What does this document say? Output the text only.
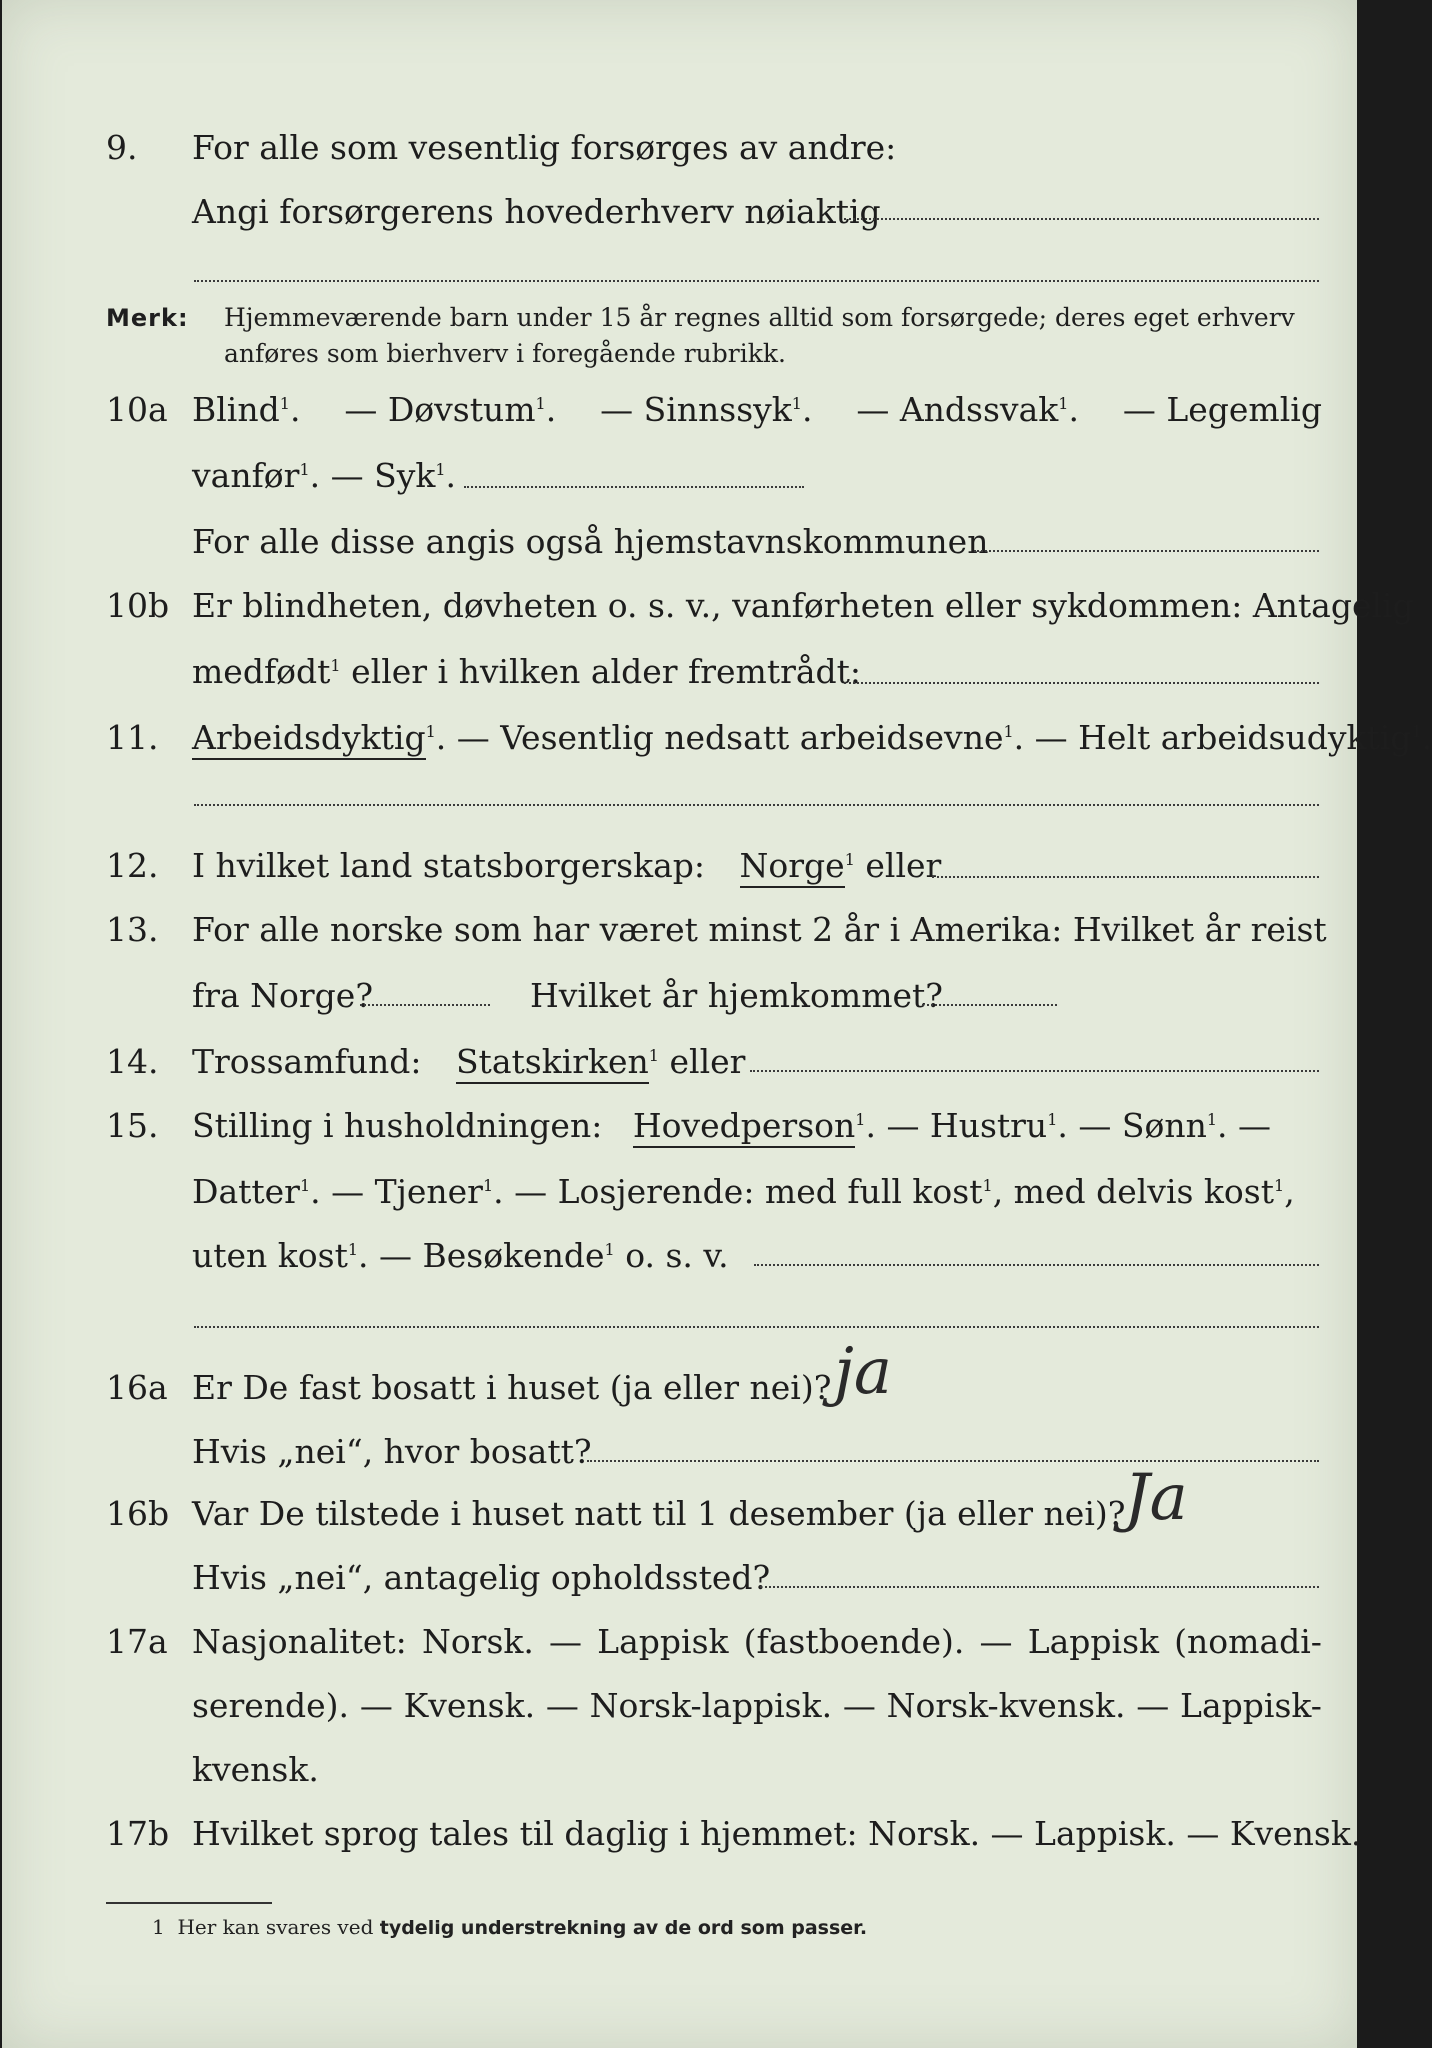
9. For alle som vesentlig forsørges av andre:
Angi forsørgerens hovederhverv nøiaktig
Merk: Hjemmeværende barn under 15 år regnes alltid som forsørgede; deres eget erhverv
anføres som bierhverv i foregående rubrikk.
10a Blind$^1$. — Døvstum$^1$. — Sinnssyk$^1$. — Andssvak$^1$. — Legemlig
vanfør$^1$. — Syk$^1$.
For alle disse angis også hjemstavnskommunen
10b Er blindheten, døvheten o. s. v., vanførheten eller sykdommen: Antagelig
medfødt$^1$ eller i hvilken alder fremtrådt:
11. Arbeidsdyktig$^1$. — Vesentlig nedsatt arbeidsevne$^1$. — Helt arbeidsudyktig$^1$.
12. I hvilket land statsborgerskap: Norge$^1$ eller
13. For alle norske som har været minst 2 år i Amerika: Hvilket år reist
fra Norge?	Hvilket år hjemkommet?
14. Trossamfund: Statskirken$^1$ eller
15. Stilling i husholdningen: Hovedperson$^1$. — Hustru$^1$. — Sønn$^1$. —
Datter$^1$. — Tjener$^1$. — Losjerende: med full kost$^1$, med delvis kost$^1$,
uten kost$^1$. — Besøkende$^1$ o. s. v.
16a Er De fast bosatt i huset (ja eller nei)? ja
Hvis „nei“, hvor bosatt?
16b Var De tilstede i huset natt til 1 desember (ja eller nei)?
Ja
Hvis „nei“, antagelig opholdssted?
17a Nasjonalitet: Norsk. — Lappisk (fastboende). — Lappisk (nomadi-
serende). — Kvensk. — Norsk-lappisk. — Norsk-kvensk. — Lappisk-
kvensk.
17b Hvilket sprog tales til daglig i hjemmet: Norsk. — Lappisk. — Kvensk.
1 Her kan svares ved tydelig understrekning av de ord som passer.
